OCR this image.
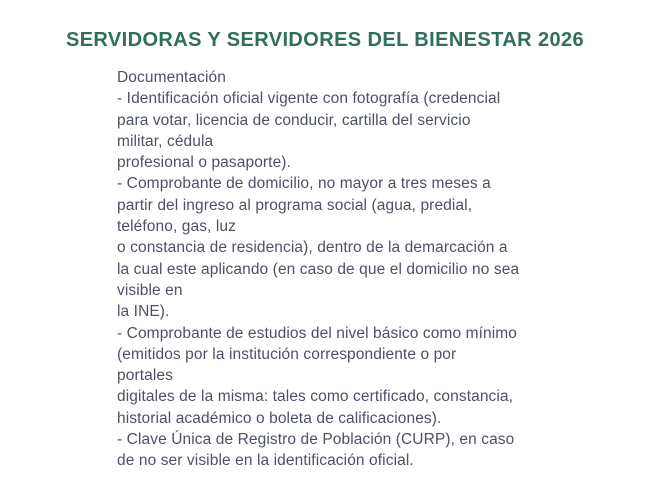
SERVIDORAS Y SERVIDORES DEL BIENESTAR 2026
Documentación
- Identificación oficial vigente con fotografía (credencial
para votar, licencia de conducir, cartilla del servicio
militar, cédula
profesional o pasaporte).
- Comprobante de domicilio, no mayor a tres meses a
partir del ingreso al programa social (agua, predial,
teléfono, gas, luz
o constancia de residencia), dentro de la demarcación a
la cual este aplicando (en caso de que el domicilio no sea
visible en
la INE).
- Comprobante de estudios del nivel básico como mínimo
(emitidos por la institución correspondiente o por
portales
digitales de la misma: tales como certificado, constancia,
historial académico o boleta de calificaciones).
- Clave Única de Registro de Población (CURP), en caso
de no ser visible en la identificación oficial.
